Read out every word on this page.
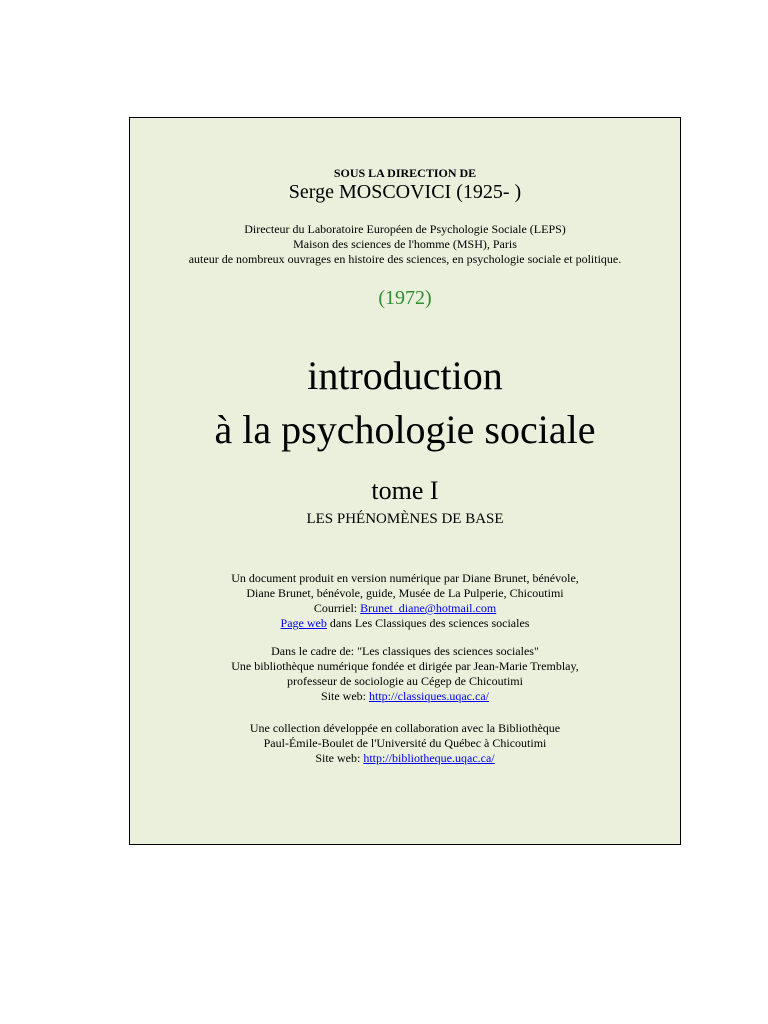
SOUS LA DIRECTION DE

Serge MOSCOVICI (1925- )

Directeur du Laboratoire Européen de Psychologie Sociale (LEPS)

Maison des sciences de l'homme (MSH), Paris

auteur de nombreux ouvrages en histoire des sciences, en psychologie sociale et politique.

(1972)

introduction

à la psychologie sociale

tome I

LES PHÉNOMÈNES DE BASE

Un document produit en version numérique par Diane Brunet, bénévole,

Diane Brunet, bénévole, guide, Musée de La Pulperie, Chicoutimi

Courriel: Brunet_diane@hotmail.com

Page web dans Les Classiques des sciences sociales

Dans le cadre de: "Les classiques des sciences sociales"

Une bibliothèque numérique fondée et dirigée par Jean-Marie Tremblay,

professeur de sociologie au Cégep de Chicoutimi

Site web: http://classiques.uqac.ca/

Une collection développée en collaboration avec la Bibliothèque

Paul-Émile-Boulet de l'Université du Québec à Chicoutimi

Site web: http://bibliotheque.uqac.ca/
